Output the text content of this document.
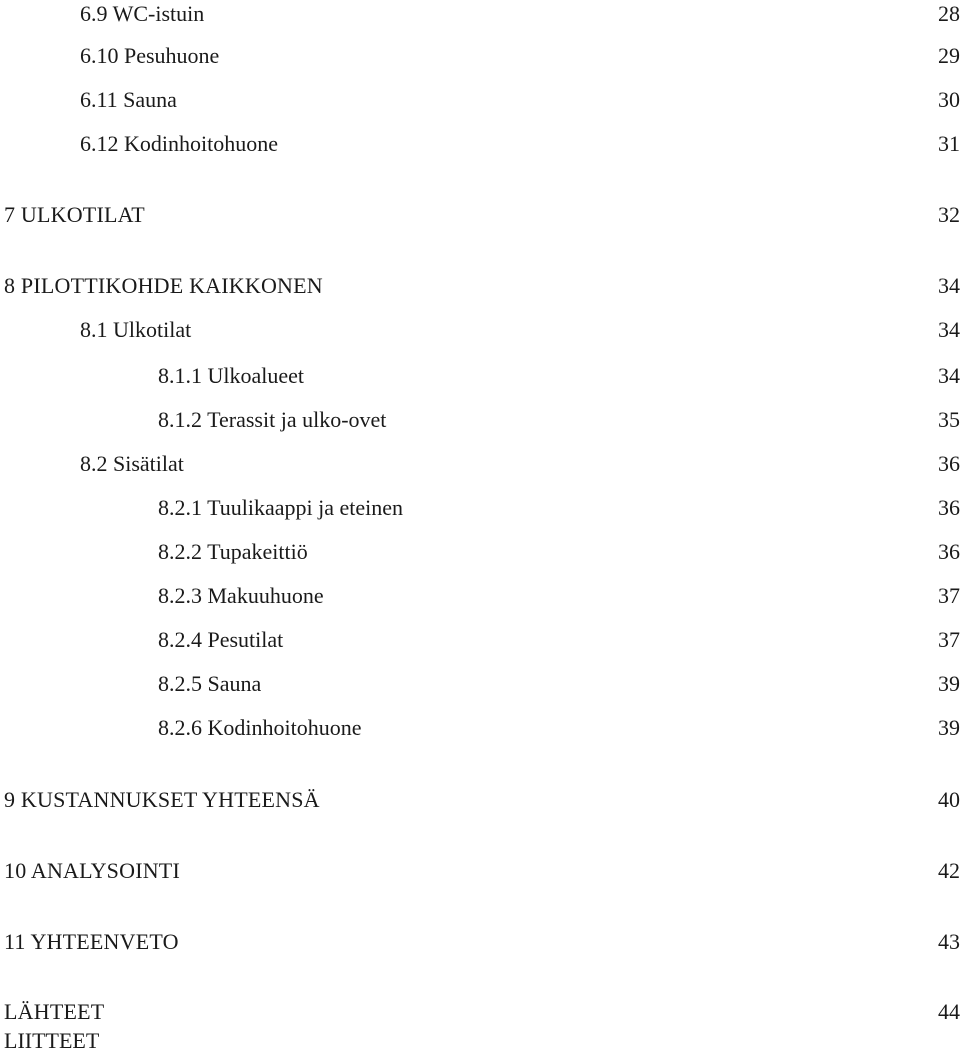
6.9 WC-istuin	28
6.10 Pesuhuone	29
6.11 Sauna	30
6.12 Kodinhoitohuone	31
7 ULKOTILAT	32
8 PILOTTIKOHDE KAIKKONEN	34
8.1 Ulkotilat	34
8.1.1 Ulkoalueet	34
8.1.2 Terassit ja ulko-ovet	35
8.2 Sisätilat	36
8.2.1 Tuulikaappi ja eteinen	36
8.2.2 Tupakeittiö	36
8.2.3 Makuuhuone	37
8.2.4 Pesutilat	37
8.2.5 Sauna	39
8.2.6 Kodinhoitohuone	39
9 KUSTANNUKSET YHTEENSÄ	40
10 ANALYSOINTI	42
11 YHTEENVETO	43
LÄHTEET	44
LIITTEET
